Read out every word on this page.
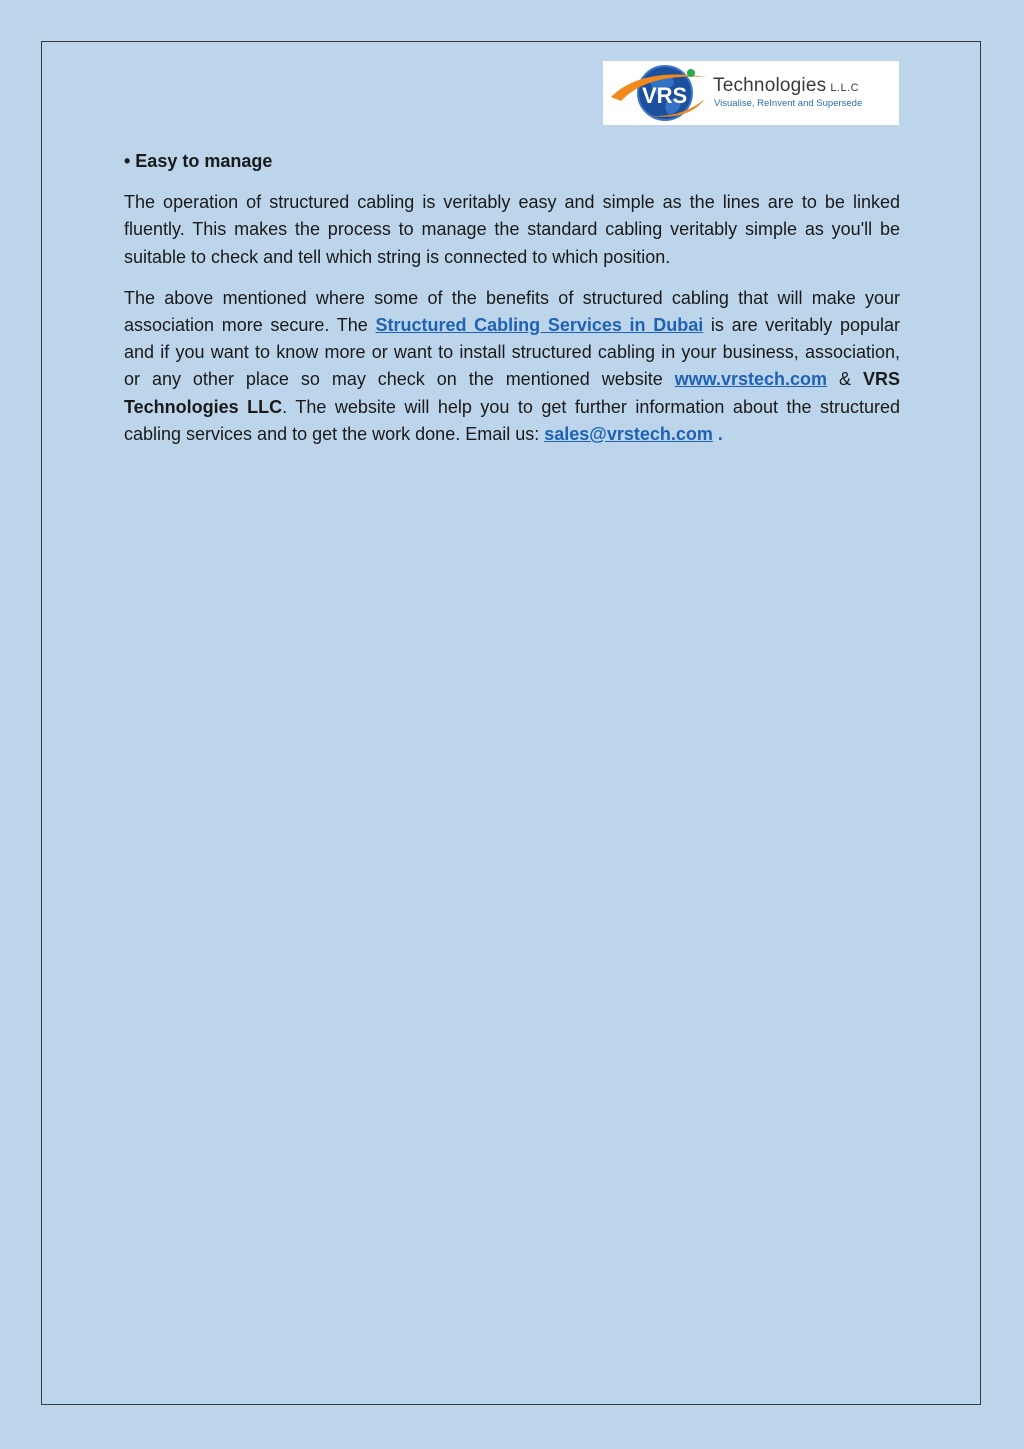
VRS Technologies L.L.C
Visualise, ReInvent and Supersede

• Easy to manage

The operation of structured cabling is veritably easy and simple as the lines are to be linked fluently. This makes the process to manage the standard cabling veritably simple as you'll be suitable to check and tell which string is connected to which position.

The above mentioned where some of the benefits of structured cabling that will make your association more secure. The Structured Cabling Services in Dubai is are veritably popular and if you want to know more or want to install structured cabling in your business, association, or any other place so may check on the mentioned website www.vrstech.com & VRS Technologies LLC. The website will help you to get further information about the structured cabling services and to get the work done. Email us: sales@vrstech.com .
